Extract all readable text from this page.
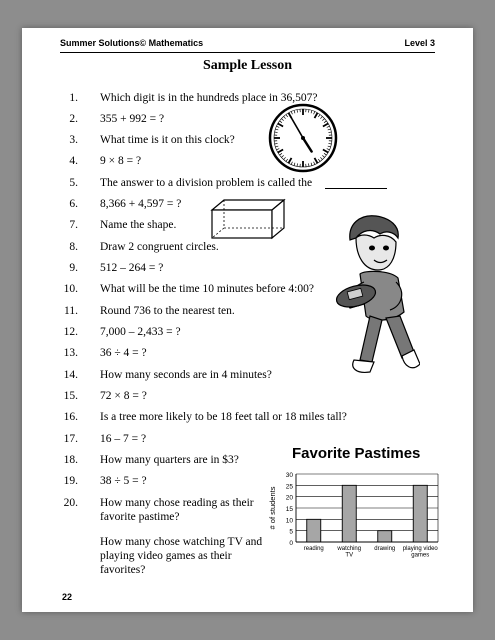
Summer Solutions© Mathematics	Level 3
Sample Lesson
1. Which digit is in the hundreds place in 36,507?
2. 355 + 992 = ?
3. What time is it on this clock?
4. 9 × 8 = ?
5. The answer to a division problem is called the
6. 8,366 + 4,597 = ?
7. Name the shape.
8. Draw 2 congruent circles.
9. 512 – 264 = ?
10. What will be the time 10 minutes before 4:00?
11. Round 736 to the nearest ten.
12. 7,000 – 2,433 = ?
13. 36 ÷ 4 = ?
14. How many seconds are in 4 minutes?
15. 72 × 8 = ?
16. Is a tree more likely to be 18 feet tall or 18 miles tall?
17. 16 – 7 = ?
18. How many quarters are in $3?
19. 38 ÷ 5 = ?
20. How many chose reading as their favorite pastime?
How many chose watching TV and playing video games as their favorites?
Favorite Pastimes
0
5
10
15
20
25
30
# of students
reading watching TV
drawing playing video games
22
